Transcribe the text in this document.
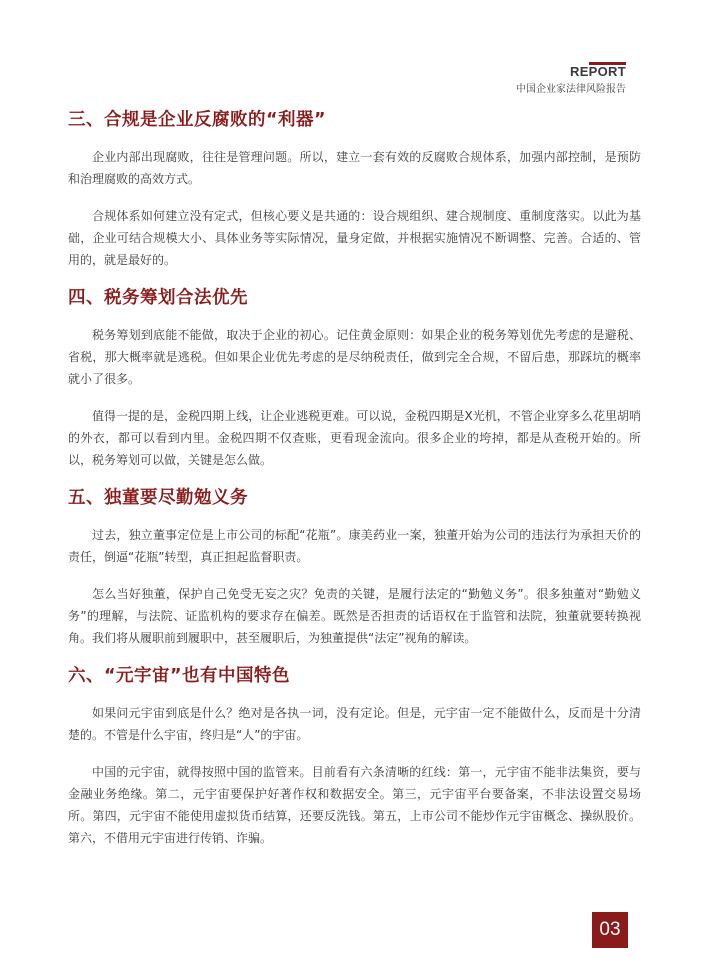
REPORT
中国企业家法律风险报告
三、合规是企业反腐败的“利器”

企业内部出现腐败，往往是管理问题。所以，建立一套有效的反腐败合规体系，加强内部控制，是预防和治理腐败的高效方式。

合规体系如何建立没有定式，但核心要义是共通的：设合规组织、建合规制度、重制度落实。以此为基础，企业可结合规模大小、具体业务等实际情况，量身定做，并根据实施情况不断调整、完善。合适的、管用的，就是最好的。

四、税务筹划合法优先

税务筹划到底能不能做，取决于企业的初心。记住黄金原则：如果企业的税务筹划优先考虑的是避税、省税，那大概率就是逃税。但如果企业优先考虑的是尽纳税责任，做到完全合规，不留后患，那踩坑的概率就小了很多。

值得一提的是，金税四期上线，让企业逃税更难。可以说，金税四期是X光机，不管企业穿多么花里胡哨的外衣，都可以看到内里。金税四期不仅查账，更看现金流向。很多企业的垮掉，都是从查税开始的。所以，税务筹划可以做，关键是怎么做。

五、独董要尽勤勉义务

过去，独立董事定位是上市公司的标配“花瓶”。康美药业一案，独董开始为公司的违法行为承担天价的责任，倒逼“花瓶”转型，真正担起监督职责。

怎么当好独董，保护自己免受无妄之灾？免责的关键，是履行法定的“勤勉义务”。很多独董对“勤勉义务”的理解，与法院、证监机构的要求存在偏差。既然是否担责的话语权在于监管和法院，独董就要转换视角。我们将从履职前到履职中，甚至履职后，为独董提供“法定”视角的解读。

六、“元宇宙”也有中国特色

如果问元宇宙到底是什么？绝对是各执一词，没有定论。但是，元宇宙一定不能做什么，反而是十分清楚的。不管是什么宇宙，终归是“人”的宇宙。

中国的元宇宙，就得按照中国的监管来。目前看有六条清晰的红线：第一，元宇宙不能非法集资，要与金融业务绝缘。第二，元宇宙要保护好著作权和数据安全。第三，元宇宙平台要备案，不非法设置交易场所。第四，元宇宙不能使用虚拟货币结算，还要反洗钱。第五，上市公司不能炒作元宇宙概念、操纵股价。第六，不借用元宇宙进行传销、诈骗。

03
